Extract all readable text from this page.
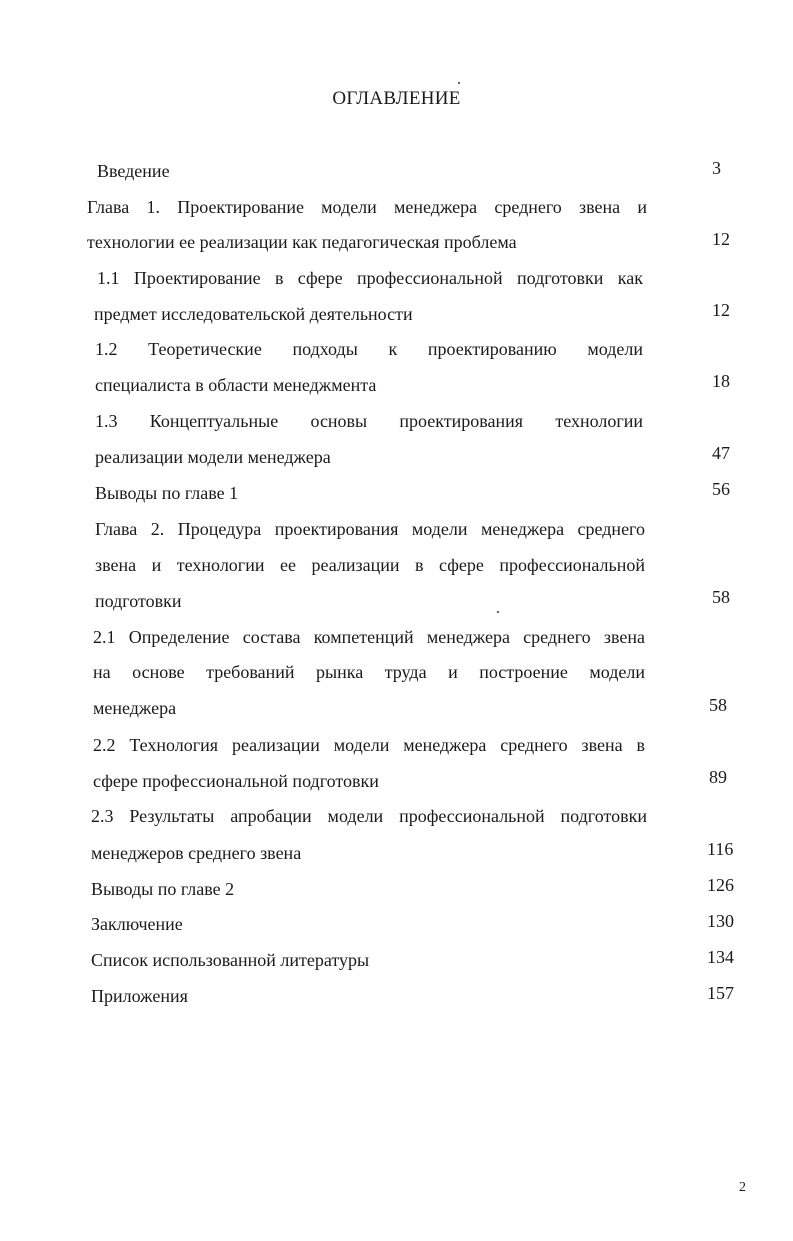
ОГЛАВЛЕНИЕ
Введение	3
Глава 1. Проектирование модели менеджера среднего звена и
технологии ее реализации как педагогическая проблема	12
1.1 Проектирование в сфере профессиональной подготовки как
предмет исследовательской деятельности	12
1.2 Теоретические подходы к проектированию модели
специалиста в области менеджмента	18
1.3 Концептуальные основы проектирования технологии
реализации модели менеджера	47
Выводы по главе 1	56
Глава 2. Процедура проектирования модели менеджера среднего
звена и технологии ее реализации в сфере профессиональной
подготовки	58
2.1 Определение состава компетенций менеджера среднего звена
на основе требований рынка труда и построение модели
менеджера	58
2.2 Технология реализации модели менеджера среднего звена в
сфере профессиональной подготовки	89
2.3 Результаты апробации модели профессиональной подготовки
менеджеров среднего звена	116
Выводы по главе 2	126
Заключение	130
Список использованной литературы	134
Приложения	157
2
